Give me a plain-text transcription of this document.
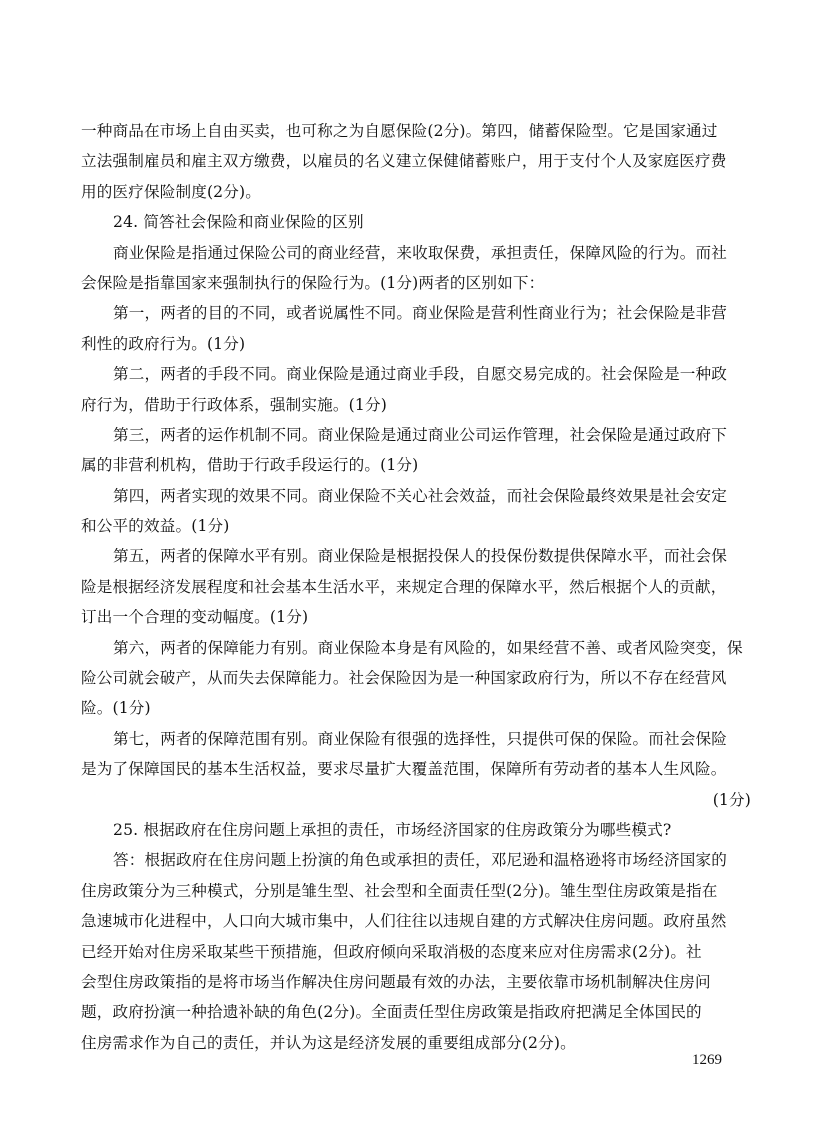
一种商品在市场上自由买卖，也可称之为自愿保险(2分)。第四，储蓄保险型。它是国家通过
立法强制雇员和雇主双方缴费，以雇员的名义建立保健储蓄账户，用于支付个人及家庭医疗费
用的医疗保险制度(2分)。
24. 简答社会保险和商业保险的区别
商业保险是指通过保险公司的商业经营，来收取保费，承担责任，保障风险的行为。而社
会保险是指靠国家来强制执行的保险行为。(1分)两者的区别如下：
第一，两者的目的不同，或者说属性不同。商业保险是营利性商业行为；社会保险是非营
利性的政府行为。(1分)
第二，两者的手段不同。商业保险是通过商业手段，自愿交易完成的。社会保险是一种政
府行为，借助于行政体系，强制实施。(1分)
第三，两者的运作机制不同。商业保险是通过商业公司运作管理，社会保险是通过政府下
属的非营利机构，借助于行政手段运行的。(1分)
第四，两者实现的效果不同。商业保险不关心社会效益，而社会保险最终效果是社会安定
和公平的效益。(1分)
第五，两者的保障水平有别。商业保险是根据投保人的投保份数提供保障水平，而社会保
险是根据经济发展程度和社会基本生活水平，来规定合理的保障水平，然后根据个人的贡献，
订出一个合理的变动幅度。(1分)
第六，两者的保障能力有别。商业保险本身是有风险的，如果经营不善、或者风险突变，保
险公司就会破产，从而失去保障能力。社会保险因为是一种国家政府行为，所以不存在经营风
险。(1分)
第七，两者的保障范围有别。商业保险有很强的选择性，只提供可保的保险。而社会保险
是为了保障国民的基本生活权益，要求尽量扩大覆盖范围，保障所有劳动者的基本人生风险。
(1分)
25. 根据政府在住房问题上承担的责任，市场经济国家的住房政策分为哪些模式?
答：根据政府在住房问题上扮演的角色或承担的责任，邓尼逊和温格逊将市场经济国家的
住房政策分为三种模式，分别是雏生型、社会型和全面责任型(2分)。雏生型住房政策是指在
急速城市化进程中，人口向大城市集中，人们往往以违规自建的方式解决住房问题。政府虽然
已经开始对住房采取某些干预措施，但政府倾向采取消极的态度来应对住房需求(2分)。社
会型住房政策指的是将市场当作解决住房问题最有效的办法，主要依靠市场机制解决住房问
题，政府扮演一种拾遗补缺的角色(2分)。全面责任型住房政策是指政府把满足全体国民的
住房需求作为自己的责任，并认为这是经济发展的重要组成部分(2分)。
1269
